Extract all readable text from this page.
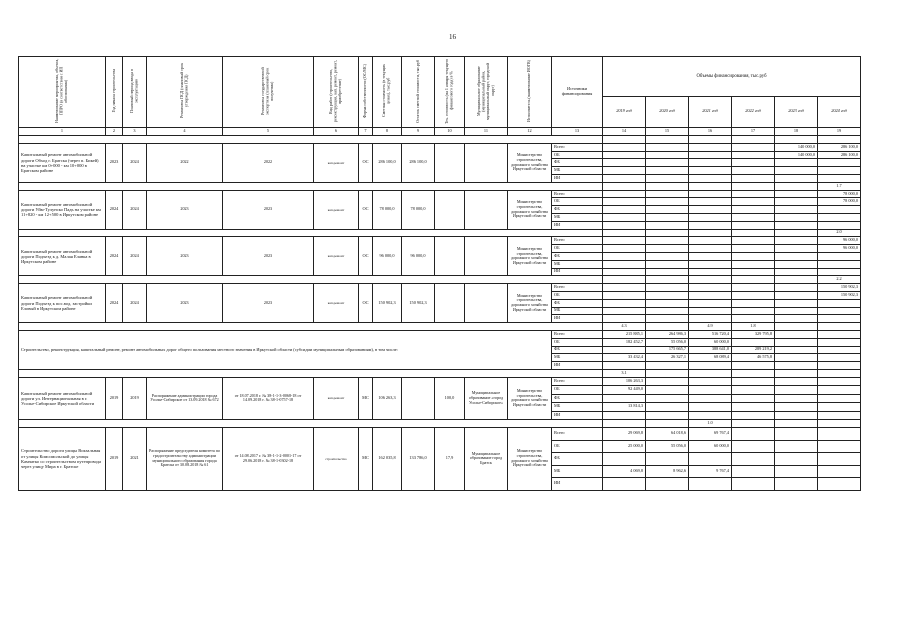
16
Наименование мероприятия, объекта, ППРО (в соответствии с ИП обоснования)	Год начала строительства	Плановый период ввода в эксплуатацию	Реквизиты ПСД (плановый срок утверждения ПСД)	Реквизиты государственной экспертизы (плановый срок получения)	Вид работ (строительство, реконструкция, кап. ремонт, ремонт, приобретение)	Форма собственности (ОС/МС)	Сметная стоимость (в текущих ценах), тыс.руб	Остаток сметной стоимости, тыс.руб	Тех. готовность (на 1 января текущего финансового года) в %	Муниципальное образование (муниципальный район, муниципальный округ, городской округ)	Исполнитель (наименование ИОГВ)	Источники финансирования	Объемы финансирования, тыс.руб					
													2019 год	2020 год	2021 год	2022 год	2023 год	2024 год
1	2	3	4	5	6	7	8	9	10	11	12	13	14	15	16	17	18	19

Капитальный ремонт автомобильной дороги Обход г. Братска (через п. Бикей) на участке км 0+000 - км 10+000 в Братском районе	2023	2024	2022	2022	кап.ремонт	ОС	286 100,0	286 100,0			Министерство строительства, дорожного хозяйства Иркутской области	Всего					140 000,0	286 100,0
												ОБ					140 000,0	286 100,0
												ФБ						
												МБ						
												ИИ						
																		1.7
Капитальный ремонт автомобильной дороги Уйм-Тулунско Падь на участке км 11+820 - км 12+500 в Иркутском районе	2024	2024	2023	2023	кап.ремонт	ОС	78 000,0	78 000,0			Министерство строительства, дорожного хозяйства Иркутской области	Всего						78 000,0
												ОБ						78 000,0
												ФБ						
												МБ						
												ИИ						
																		2.0
Капитальный ремонт автомобильной дороги Подъезд к д. Малая Еланка в Иркутском районе	2024	2024	2023	2023	кап.ремонт	ОС	96 000,0	96 000,0			Министерство строительства, дорожного хозяйства Иркутской области	Всего						96 000,0
												ОБ						96 000,0
												ФБ						
												МБ						
												ИИ						
																		2.2
Капитальный ремонт автомобильной дороги Подъезд к пос.вод. застройки Еловый в Иркутском районе	2024	2024	2023	2023	кап.ремонт	ОС	150 902,3	150 902,3			Министерство строительства, дорожного хозяйства Иркутской области	Всего						150 902,3
												ОБ						150 902,3
												ФБ						
												МБ						
												ИИ						
													4.3		4.9	1.8		
Строительство, реконструкция, капитальный ремонт, ремонт автомобильных дорог общего пользования местного значения в Иркутской области (субсидии муниципальным образованиям), в том числе:												Всего	215 885,1	264 986,3	516 720,4	329 795,8		
												ОБ	182 452,7	55 056,0	60 000,0			
												ФБ		175 665,7	388 641,0	289 219,2		
												МБ	33 432,4	26 327,1	68 089,4	46 575,8		
												ИИ						
													3.1					
Капитальный ремонт автомобильной дороги ул. Интернациональная в г. Усолье-Сибирское Иркутской области	2019	2019	Распоряжение администрации города Усолье-Сибирское от 13.09.2018 № 672	от 18.07.2018 г. № 38-1-1-3-0068-18 от 14.09.2018 г. № 38-1-0757-18	кап.ремонт	МС	106 263,3		100,0	Муниципальное образование «город Усолье-Сибирское»	Министерство строительства, дорожного хозяйства Иркутской области	Всего	106 263,3					
												ОБ	92 449,0					
												ФБ						
												МБ	13 814,3					
												ИИ						
															1.0			
Строительство дороги улицы Вокзальная от улицы Комсомольской до улицы Камчатко со строительством путепровода через улицу Мира в г. Братске	2019	2021	Распоряжение председателя комитета по градостроительству администрации муниципального образования города Братска от 30.08.2018 № 61	от 14.08.2017 г. № 38-1-1-2-0001-17 от 29.06.2018 г. № 38-1-0302-18	строительство	МС	162 035,8	133 786,0	17,9	Муниципальное образование город Братск	Министерство строительства, дорожного хозяйства Иркутской области	Всего	29 069,8	64 018,6	69 767,4			
												ОБ	25 000,0	55 056,0	60 000,0			
												ФБ						
												МБ	4 069,8	8 962,6	9 767,4			
												ИИ						
